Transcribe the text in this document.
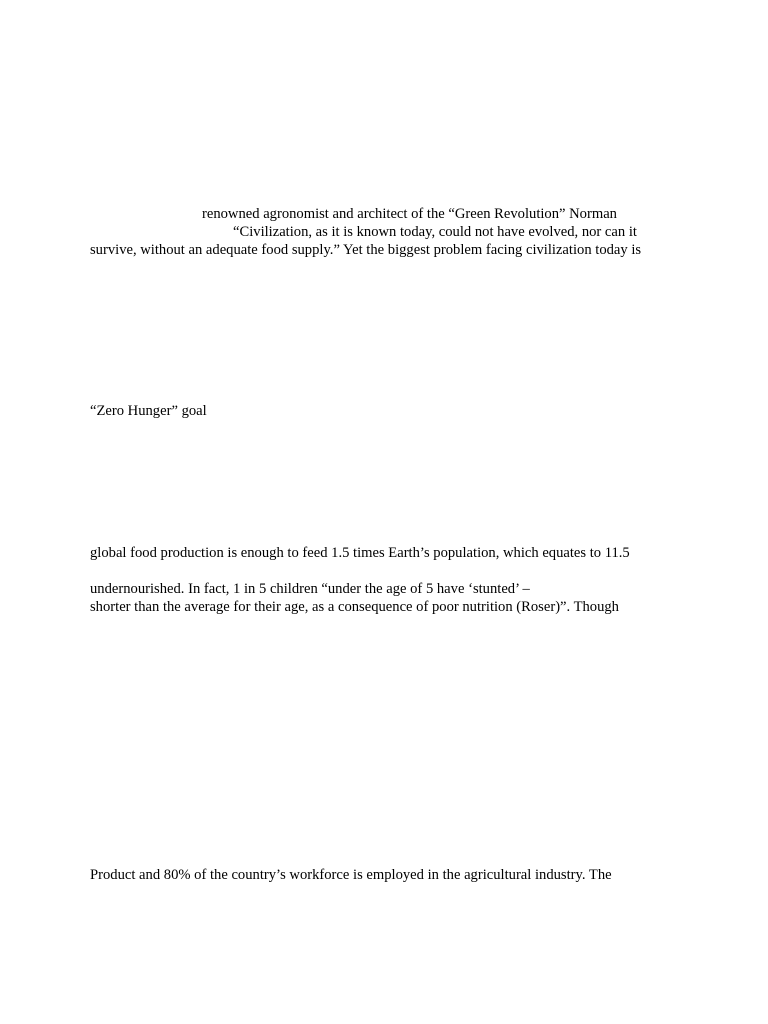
renowned agronomist and architect of the “Green Revolution” Norman
“Civilization, as it is known today, could not have evolved, nor can it
survive, without an adequate food supply.” Yet the biggest problem facing civilization today is
“Zero Hunger” goal
global food production is enough to feed 1.5 times Earth’s population, which equates to 11.5
undernourished. In fact, 1 in 5 children “under the age of 5 have ‘stunted’ –
shorter than the average for their age, as a consequence of poor nutrition (Roser)”. Though
Product and 80% of the country’s workforce is employed in the agricultural industry. The
